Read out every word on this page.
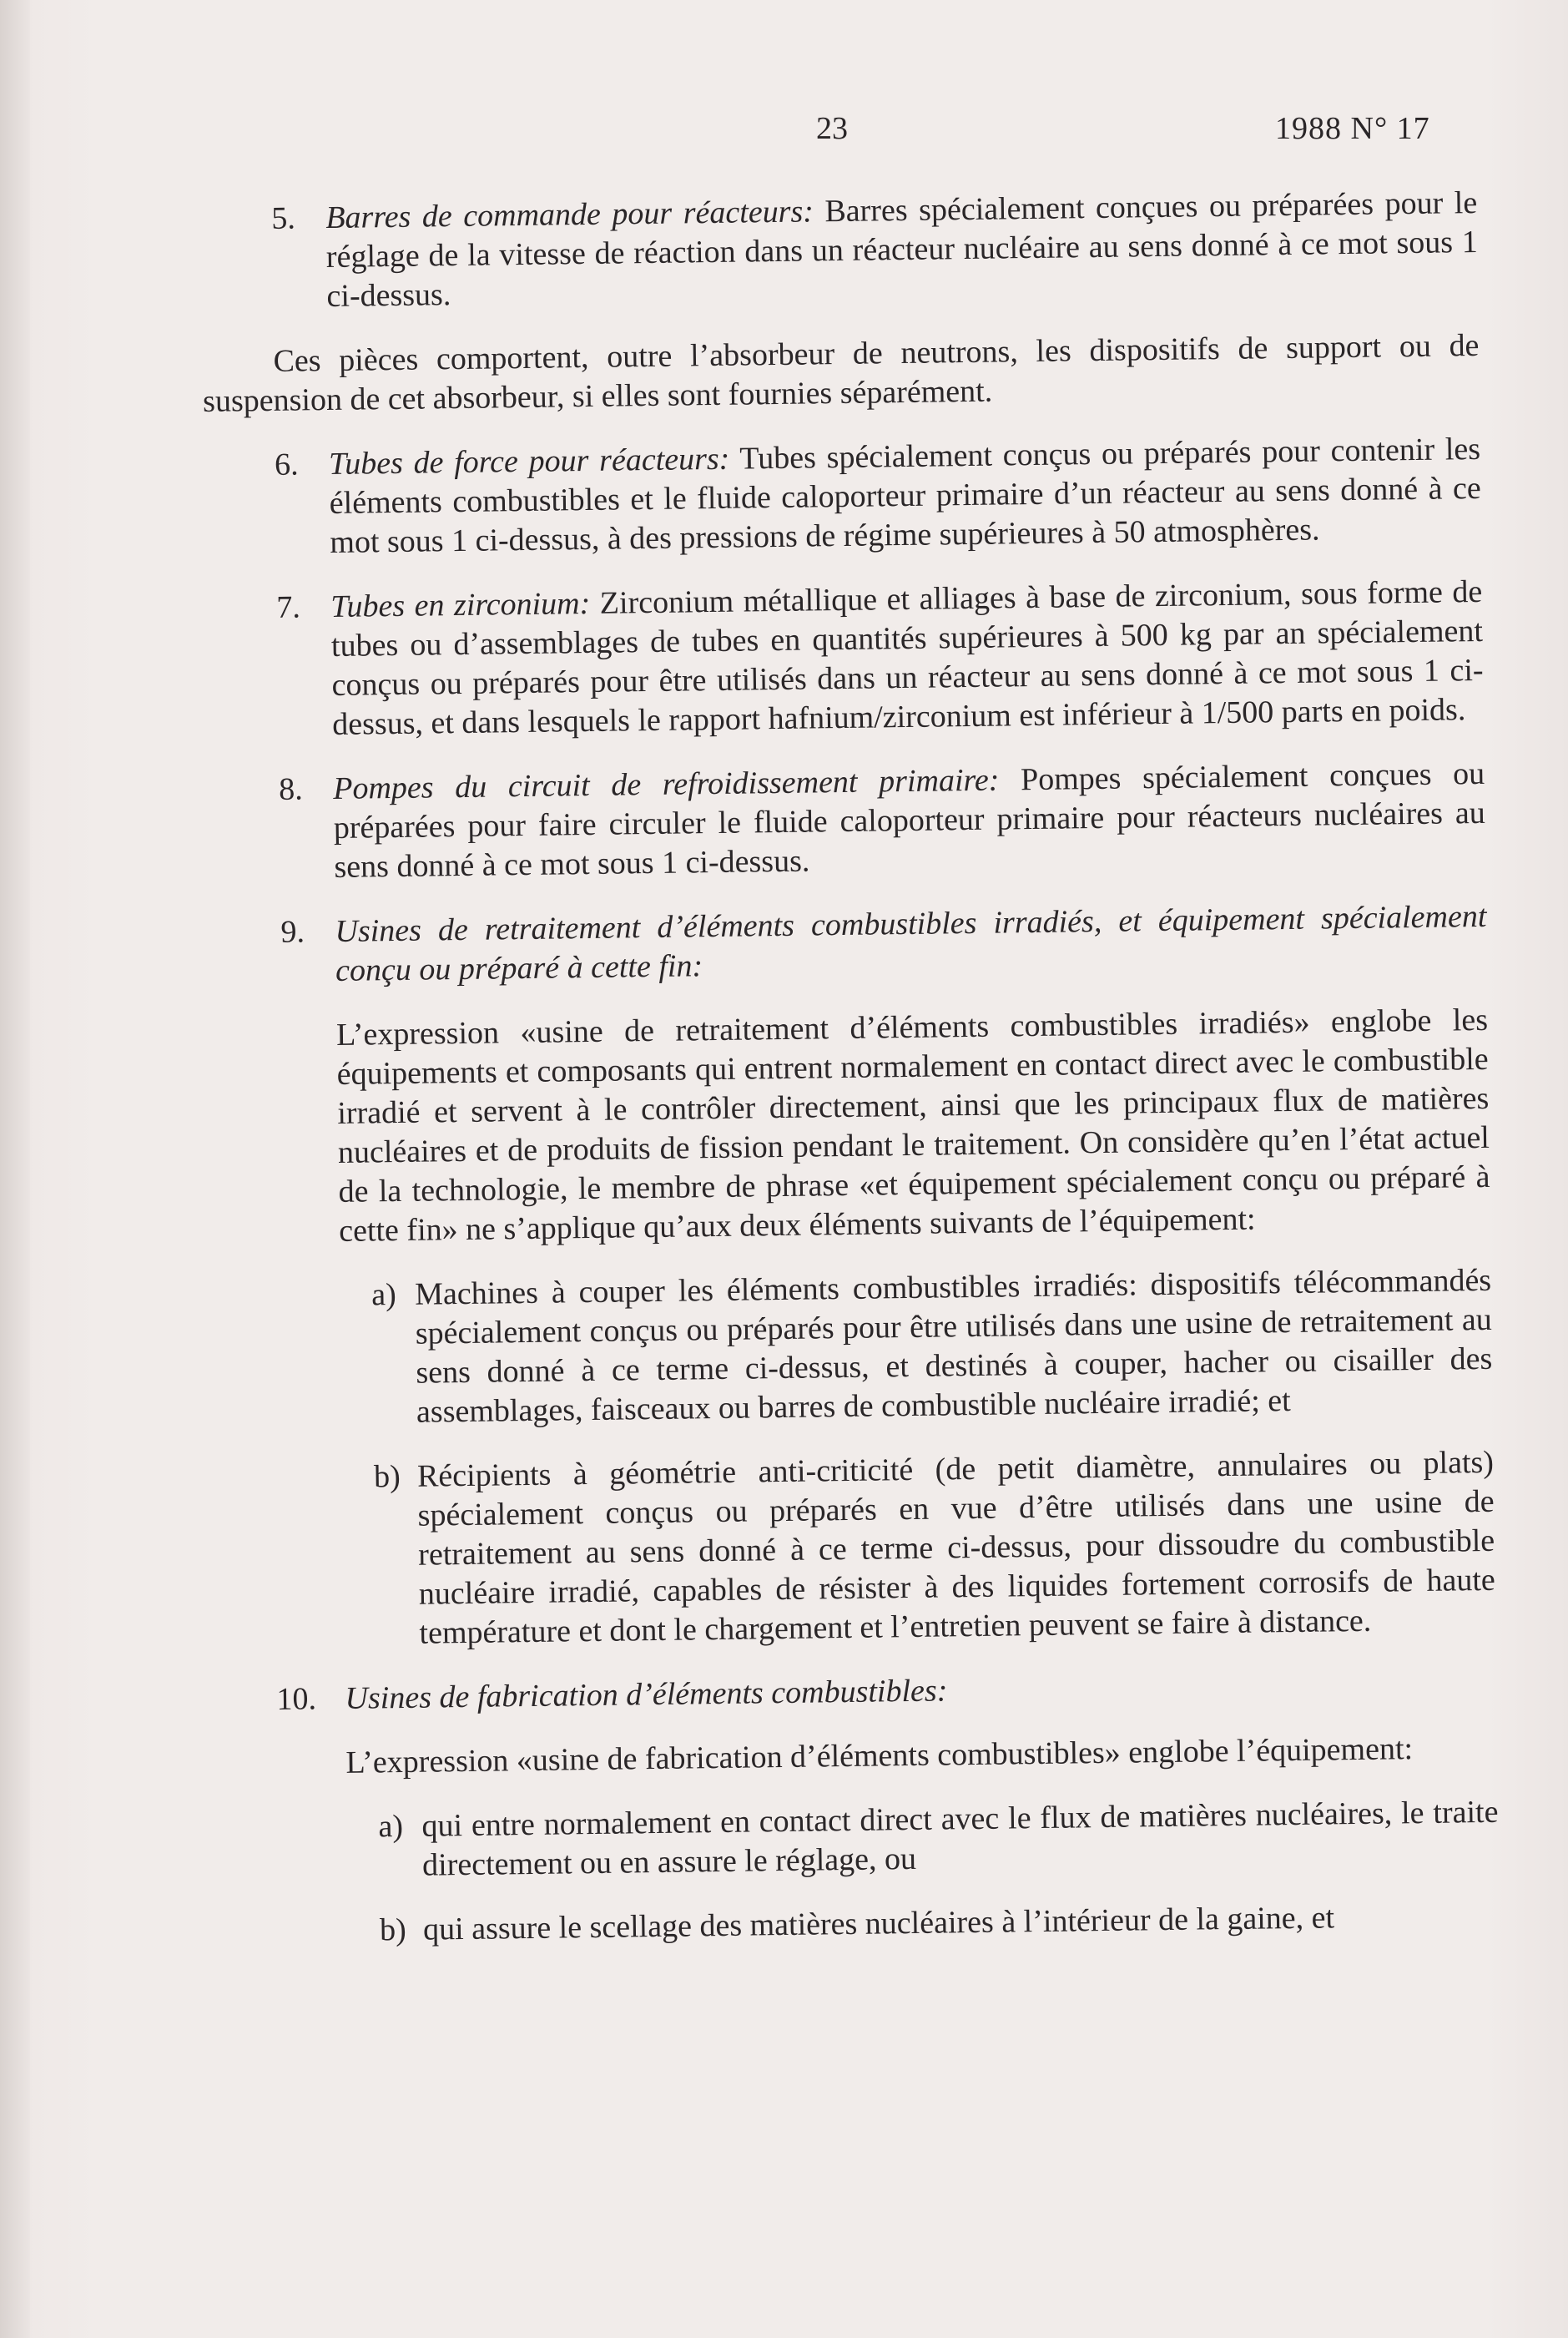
23	1988 N° 17
5. Barres de commande pour réacteurs: Barres spécialement conçues ou préparées pour le réglage de la vitesse de réaction dans un réacteur nucléaire au sens donné à ce mot sous 1 ci-dessus.
Ces pièces comportent, outre l’absorbeur de neutrons, les dispositifs de support ou de suspension de cet absorbeur, si elles sont fournies séparément.
6. Tubes de force pour réacteurs: Tubes spécialement conçus ou préparés pour contenir les éléments combustibles et le fluide caloporteur primaire d’un réacteur au sens donné à ce mot sous 1 ci-dessus, à des pressions de régime supérieures à 50 atmosphères.
7. Tubes en zirconium: Zirconium métallique et alliages à base de zirconium, sous forme de tubes ou d’assemblages de tubes en quantités supérieures à 500 kg par an spécialement conçus ou préparés pour être utilisés dans un réacteur au sens donné à ce mot sous 1 ci-dessus, et dans lesquels le rapport hafnium/zirconium est inférieur à 1/500 parts en poids.
8. Pompes du circuit de refroidissement primaire: Pompes spécialement conçues ou préparées pour faire circuler le fluide caloporteur primaire pour réacteurs nucléaires au sens donné à ce mot sous 1 ci-dessus.
9. Usines de retraitement d’éléments combustibles irradiés, et équipement spécialement conçu ou préparé à cette fin:
L’expression «usine de retraitement d’éléments combustibles irradiés» englobe les équipements et composants qui entrent normalement en contact direct avec le combustible irradié et servent à le contrôler directement, ainsi que les principaux flux de matières nucléaires et de produits de fission pendant le traitement. On considère qu’en l’état actuel de la technologie, le membre de phrase «et équipement spécialement conçu ou préparé à cette fin» ne s’applique qu’aux deux éléments suivants de l’équipement:
a) Machines à couper les éléments combustibles irradiés: dispositifs télécommandés spécialement conçus ou préparés pour être utilisés dans une usine de retraitement au sens donné à ce terme ci-dessus, et destinés à couper, hacher ou cisailler des assemblages, faisceaux ou barres de combustible nucléaire irradié; et
b) Récipients à géométrie anti-criticité (de petit diamètre, annulaires ou plats) spécialement conçus ou préparés en vue d’être utilisés dans une usine de retraitement au sens donné à ce terme ci-dessus, pour dissoudre du combustible nucléaire irradié, capables de résister à des liquides fortement corrosifs de haute température et dont le chargement et l’entretien peuvent se faire à distance.
10. Usines de fabrication d’éléments combustibles:
L’expression «usine de fabrication d’éléments combustibles» englobe l’équipement:
a) qui entre normalement en contact direct avec le flux de matières nucléaires, le traite directement ou en assure le réglage, ou
b) qui assure le scellage des matières nucléaires à l’intérieur de la gaine, et
